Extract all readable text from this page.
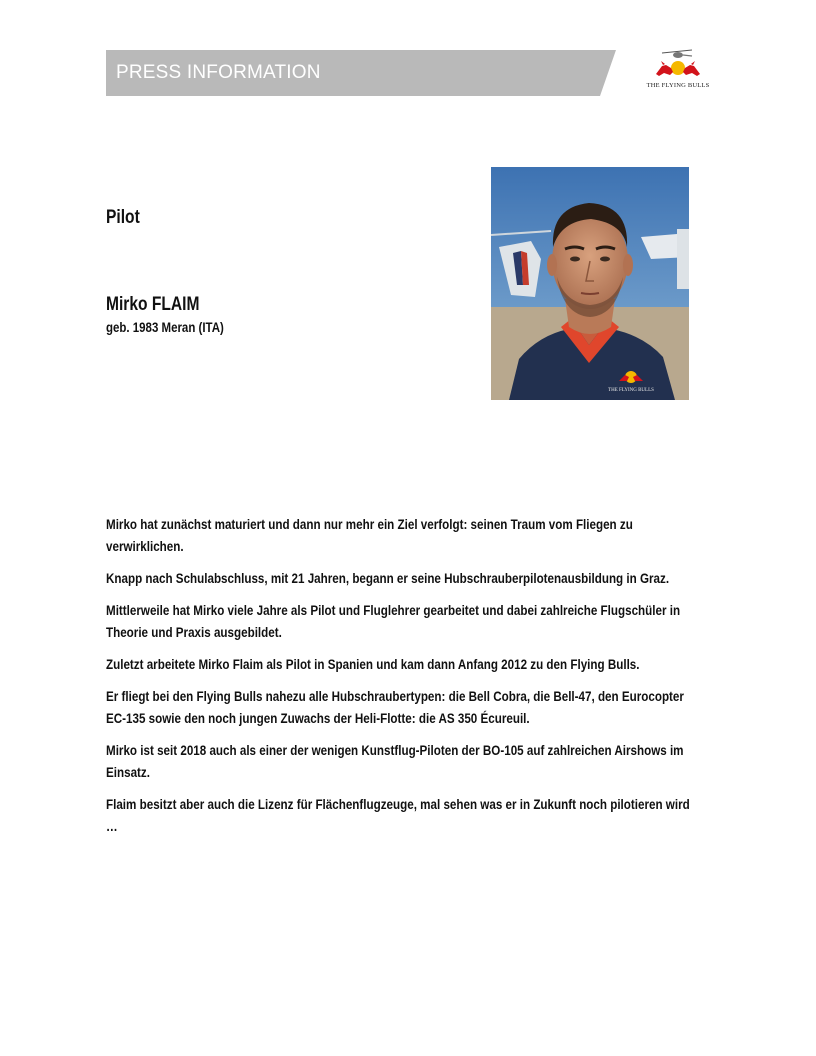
PRESS INFORMATION
THE FLYING BULLS
Pilot
Mirko FLAIM
geb. 1983 Meran (ITA)
THE FLYING BULLS

Mirko hat zunächst maturiert und dann nur mehr ein Ziel verfolgt: seinen Traum vom Fliegen zu verwirklichen.

Knapp nach Schulabschluss, mit 21 Jahren, begann er seine Hubschrauberpilotenausbildung in Graz.

Mittlerweile hat Mirko viele Jahre als Pilot und Fluglehrer gearbeitet und dabei zahlreiche Flugschüler in Theorie und Praxis ausgebildet.

Zuletzt arbeitete Mirko Flaim als Pilot in Spanien und kam dann Anfang 2012 zu den Flying Bulls.

Er fliegt bei den Flying Bulls nahezu alle Hubschraubertypen: die Bell Cobra, die Bell-47, den Eurocopter EC-135 sowie den noch jungen Zuwachs der Heli-Flotte: die AS 350 Écureuil.

Mirko ist seit 2018 auch als einer der wenigen Kunstflug-Piloten der BO-105 auf zahlreichen Airshows im Einsatz.

Flaim besitzt aber auch die Lizenz für Flächenflugzeuge, mal sehen was er in Zukunft noch pilotieren wird …
